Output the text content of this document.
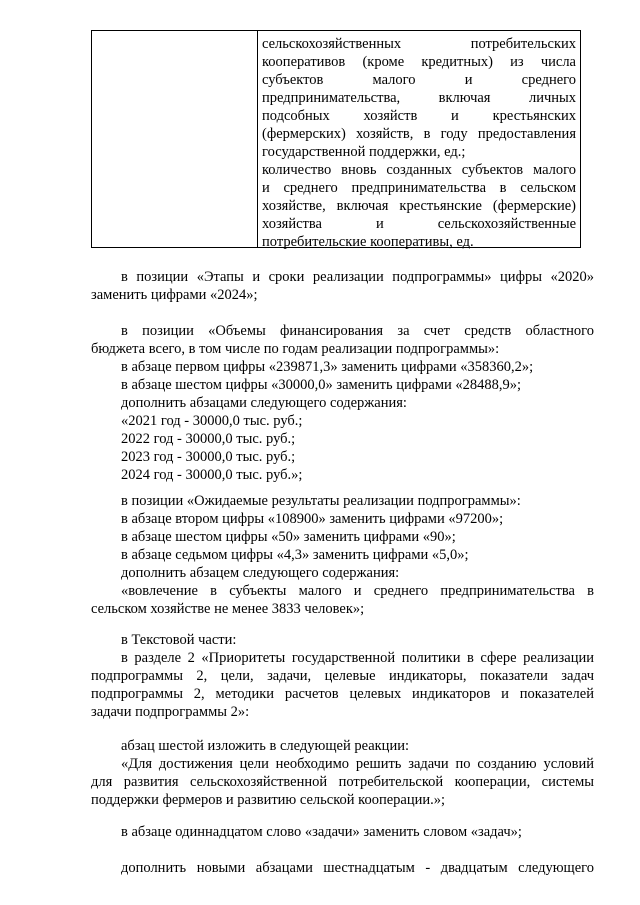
сельскохозяйственных потребительских
кооперативов (кроме кредитных) из числа
субъектов малого и среднего
предпринимательства, включая личных
подсобных хозяйств и крестьянских
(фермерских) хозяйств, в году предоставления
государственной поддержки, ед.;
количество вновь созданных субъектов малого
и среднего предпринимательства в сельском
хозяйстве, включая крестьянские (фермерские)
хозяйства и сельскохозяйственные
потребительские кооперативы, ед.
в позиции «Этапы и сроки реализации подпрограммы» цифры «2020»
заменить цифрами «2024»;
в позиции «Объемы финансирования за счет средств областного
бюджета всего, в том числе по годам реализации подпрограммы»:
в абзаце первом цифры «239871,3» заменить цифрами «358360,2»;
в абзаце шестом цифры «30000,0» заменить цифрами «28488,9»;
дополнить абзацами следующего содержания:
«2021 год - 30000,0 тыс. руб.;
2022 год - 30000,0 тыс. руб.;
2023 год - 30000,0 тыс. руб.;
2024 год - 30000,0 тыс. руб.»;
в позиции «Ожидаемые результаты реализации подпрограммы»:
в абзаце втором цифры «108900» заменить цифрами «97200»;
в абзаце шестом цифры «50» заменить цифрами «90»;
в абзаце седьмом цифры «4,3» заменить цифрами «5,0»;
дополнить абзацем следующего содержания:
«вовлечение в субъекты малого и среднего предпринимательства в
сельском хозяйстве не менее 3833 человек»;
в Текстовой части:
в разделе 2 «Приоритеты государственной политики в сфере реализации
подпрограммы 2, цели, задачи, целевые индикаторы, показатели задач
подпрограммы 2, методики расчетов целевых индикаторов и показателей
задачи подпрограммы 2»:
абзац шестой изложить в следующей реакции:
«Для достижения цели необходимо решить задачи по созданию условий
для развития сельскохозяйственной потребительской кооперации, системы
поддержки фермеров и развитию сельской кооперации.»;
в абзаце одиннадцатом слово «задачи» заменить словом «задач»;
дополнить новыми абзацами шестнадцатым - двадцатым следующего
